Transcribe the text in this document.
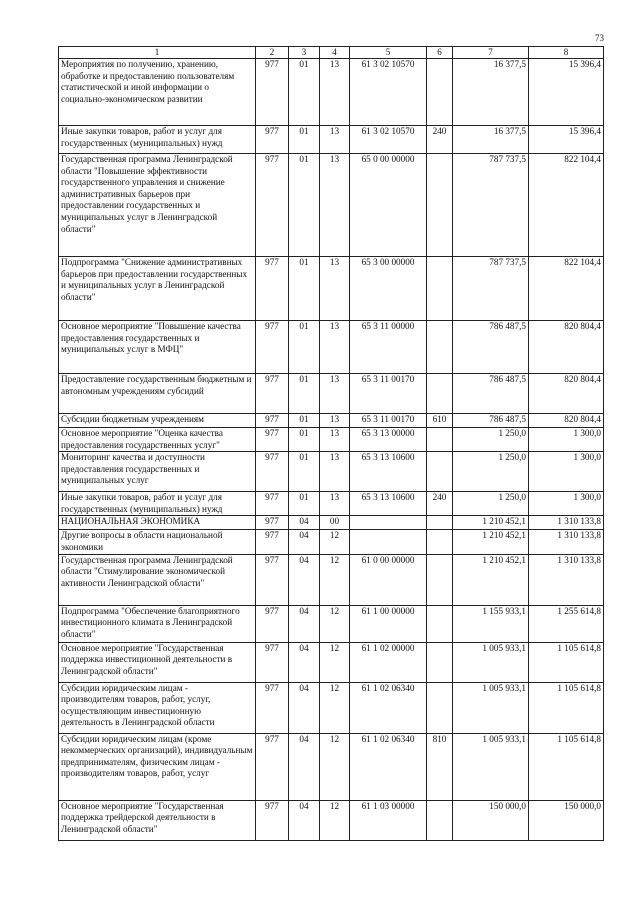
73
1	2	3	4	5	6	7	8
Мероприятия по получению, хранению, обработке и предоставлению пользователям статистической и иной информации о социально-экономическом развитии	977	01	13	61 3 02 10570		16 377,5	15 396,4
Иные закупки товаров, работ и услуг для государственных (муниципальных) нужд	977	01	13	61 3 02 10570	240	16 377,5	15 396,4
Государственная программа Ленинградской области "Повышение эффективности государственного управления и снижение административных барьеров при предоставлении государственных и муниципальных услуг в Ленинградской области"	977	01	13	65 0 00 00000		787 737,5	822 104,4
Подпрограмма "Снижение административных барьеров при предоставлении государственных и муниципальных услуг в Ленинградской области"	977	01	13	65 3 00 00000		787 737,5	822 104,4
Основное мероприятие "Повышение качества предоставления государственных и муниципальных услуг в МФЦ"	977	01	13	65 3 11 00000		786 487,5	820 804,4
Предоставление государственным бюджетным и автономным учреждениям субсидий	977	01	13	65 3 11 00170		786 487,5	820 804,4
Субсидии бюджетным учреждениям	977	01	13	65 3 11 00170	610	786 487,5	820 804,4
Основное мероприятие "Оценка качества предоставления государственных услуг"	977	01	13	65 3 13 00000		1 250,0	1 300,0
Мониторинг качества и доступности предоставления государственных и муниципальных услуг	977	01	13	65 3 13 10600		1 250,0	1 300,0
Иные закупки товаров, работ и услуг для государственных (муниципальных) нужд	977	01	13	65 3 13 10600	240	1 250,0	1 300,0
НАЦИОНАЛЬНАЯ ЭКОНОМИКА	977	04	00			1 210 452,1	1 310 133,8
Другие вопросы в области национальной экономики	977	04	12			1 210 452,1	1 310 133,8
Государственная программа Ленинградской области "Стимулирование экономической активности Ленинградской области"	977	04	12	61 0 00 00000		1 210 452,1	1 310 133,8
Подпрограмма "Обеспечение благоприятного инвестиционного климата в Ленинградской области"	977	04	12	61 1 00 00000		1 155 933,1	1 255 614,8
Основное мероприятие "Государственная поддержка инвестиционной деятельности в Ленинградской области"	977	04	12	61 1 02 00000		1 005 933,1	1 105 614,8
Субсидии юридическим лицам - производителям товаров, работ, услуг, осуществляющим инвестиционную деятельность в Ленинградской области	977	04	12	61 1 02 06340		1 005 933,1	1 105 614,8
Субсидии юридическим лицам (кроме некоммерческих организаций), индивидуальным предпринимателям, физическим лицам - производителям товаров, работ, услуг	977	04	12	61 1 02 06340	810	1 005 933,1	1 105 614,8
Основное мероприятие "Государственная поддержка трейдерской деятельности в Ленинградской области"	977	04	12	61 1 03 00000		150 000,0	150 000,0
